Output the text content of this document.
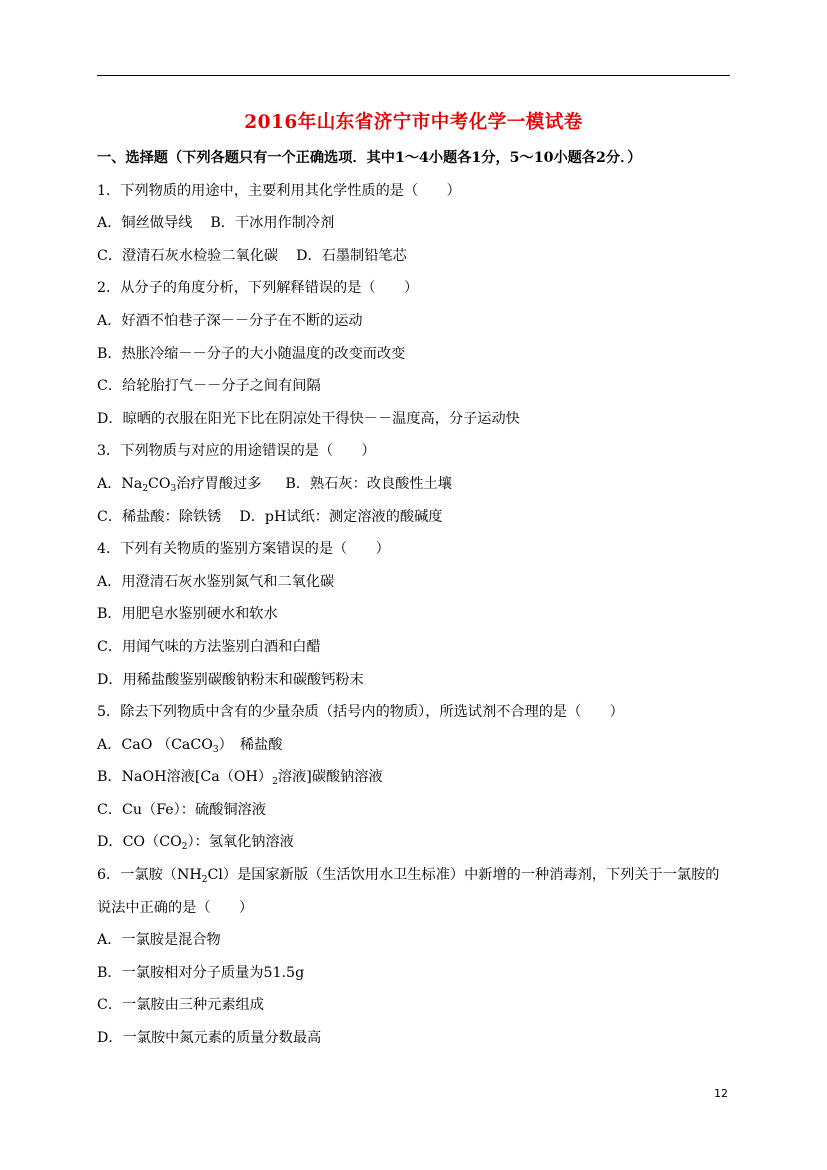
2016年山东省济宁市中考化学一模试卷
一、选择题（下列各题只有一个正确选项．其中1～4小题各1分，5～10小题各2分．）
1．下列物质的用途中，主要利用其化学性质的是（　　）
A．铜丝做导线 B．干冰用作制冷剂
C．澄清石灰水检验二氧化碳 D．石墨制铅笔芯
2．从分子的角度分析，下列解释错误的是（　　）
A．好酒不怕巷子深－－分子在不断的运动
B．热胀冷缩－－分子的大小随温度的改变而改变
C．给轮胎打气－－分子之间有间隔
D．晾晒的衣服在阳光下比在阴凉处干得快－－温度高，分子运动快
3．下列物质与对应的用途错误的是（　　）
A．$Na_2CO_3$治疗胃酸过多 B．熟石灰：改良酸性土壤
C．稀盐酸：除铁锈 D．pH试纸：测定溶液的酸碱度
4．下列有关物质的鉴别方案错误的是（　　）
A．用澄清石灰水鉴别氮气和二氧化碳
B．用肥皂水鉴别硬水和软水
C．用闻气味的方法鉴别白酒和白醋
D．用稀盐酸鉴别碳酸钠粉末和碳酸钙粉末
5．除去下列物质中含有的少量杂质（括号内的物质），所选试剂不合理的是（　　）
A．CaO （CaCO$_3$）　稀盐酸
B．NaOH溶液[$Ca(OH)_2$溶液]碳酸钠溶液
C．Cu（Fe）：硫酸铜溶液
D．$CO(CO_2)$：氢氧化钠溶液
6．一氯胺$(NH_2Cl)$是国家新版（生活饮用水卫生标准）中新增的一种消毒剂，下列关于一氯胺的
说法中正确的是（　　）
A．一氯胺是混合物
B．一氯胺相对分子质量为51.5g
C．一氯胺由三种元素组成
D．一氯胺中氮元素的质量分数最高
12
